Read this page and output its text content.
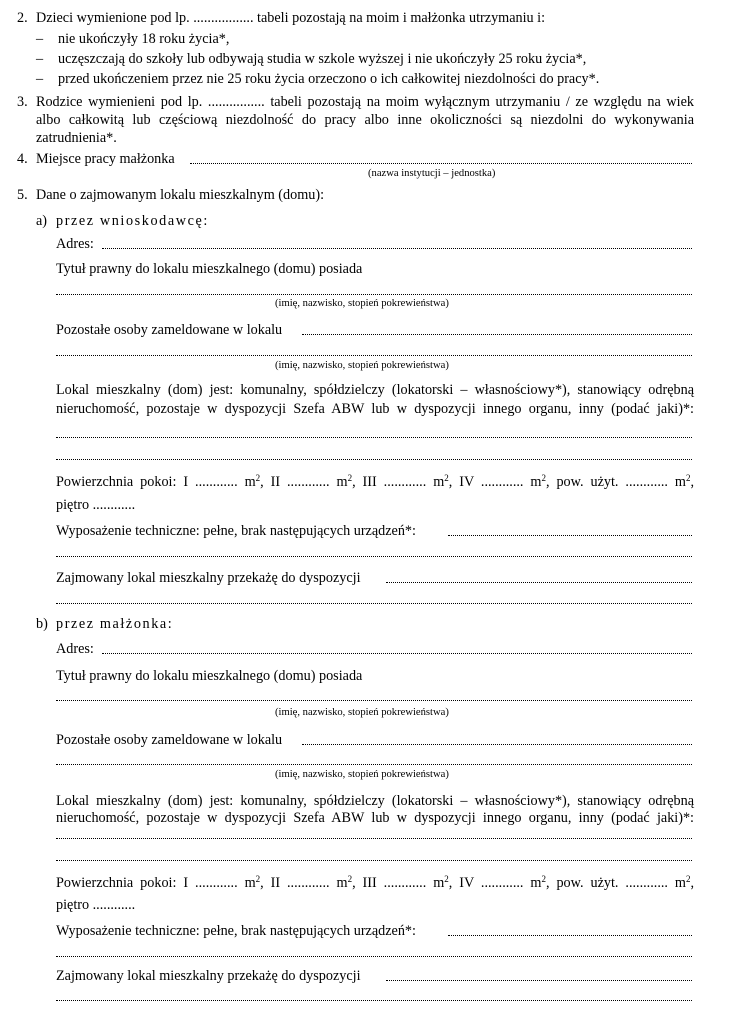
2. Dzieci wymienione pod lp. ................. tabeli pozostają na moim i małżonka utrzymaniu i:
– nie ukończyły 18 roku życia*,
– uczęszczają do szkoły lub odbywają studia w szkole wyższej i nie ukończyły 25 roku życia*,
– przed ukończeniem przez nie 25 roku życia orzeczono o ich całkowitej niezdolności do pracy*.
3. Rodzice wymienieni pod lp. ................ tabeli pozostają na moim wyłącznym utrzymaniu / ze względu na wiek
albo całkowitą lub częściową niezdolność do pracy albo inne okoliczności są niezdolni do wykonywania
zatrudnienia*.
4. Miejsce pracy małżonka
(nazwa instytucji – jednostka)
5. Dane o zajmowanym lokalu mieszkalnym (domu):
a) przez wnioskodawcę:
Adres:
Tytuł prawny do lokalu mieszkalnego (domu) posiada
(imię, nazwisko, stopień pokrewieństwa)
Pozostałe osoby zameldowane w lokalu
(imię, nazwisko, stopień pokrewieństwa)
Lokal mieszkalny (dom) jest: komunalny, spółdzielczy (lokatorski – własnościowy*), stanowiący odrębną
nieruchomość, pozostaje w dyspozycji Szefa ABW lub w dyspozycji innego organu, inny (podać jaki)*:
Powierzchnia pokoi: I ............ $m^2$, II ............ $m^2$, III ............ $m^2$, IV ............ $m^2$, pow. użyt. ............ $m^2$,
piętro ............
Wyposażenie techniczne: pełne, brak następujących urządzeń*:
Zajmowany lokal mieszkalny przekażę do dyspozycji
b) przez małżonka:
Adres:
Tytuł prawny do lokalu mieszkalnego (domu) posiada
(imię, nazwisko, stopień pokrewieństwa)
Pozostałe osoby zameldowane w lokalu
(imię, nazwisko, stopień pokrewieństwa)
Lokal mieszkalny (dom) jest: komunalny, spółdzielczy (lokatorski – własnościowy*), stanowiący odrębną
nieruchomość, pozostaje w dyspozycji Szefa ABW lub w dyspozycji innego organu, inny (podać jaki)*:
Powierzchnia pokoi: I ............ $m^2$, II ............ $m^2$, III ............ $m^2$, IV ............ $m^2$, pow. użyt. ............ $m^2$,
piętro ............
Wyposażenie techniczne: pełne, brak następujących urządzeń*:
Zajmowany lokal mieszkalny przekażę do dyspozycji
